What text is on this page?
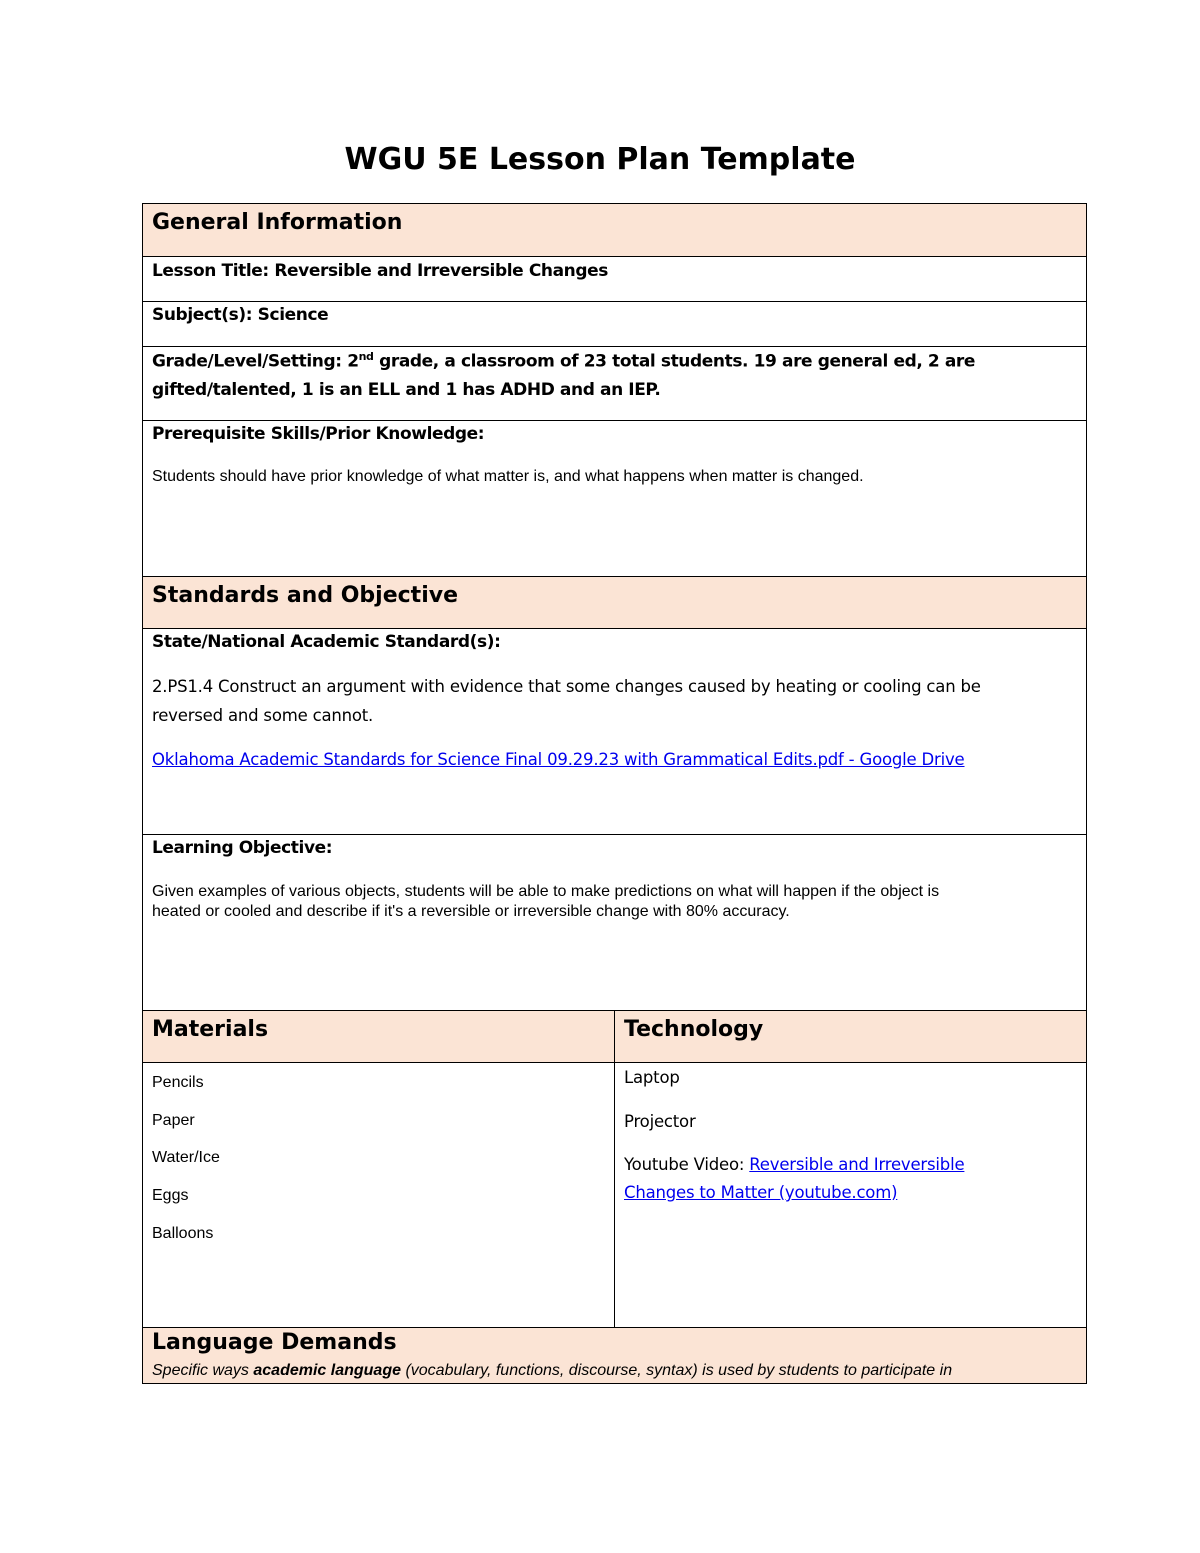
WGU 5E Lesson Plan Template
General Information
Lesson Title: Reversible and Irreversible Changes
Subject(s): Science
Grade/Level/Setting: 2nd grade, a classroom of 23 total students. 19 are general ed, 2 are
gifted/talented, 1 is an ELL and 1 has ADHD and an IEP.
Prerequisite Skills/Prior Knowledge:
Students should have prior knowledge of what matter is, and what happens when matter is changed.
Standards and Objective
State/National Academic Standard(s):
2.PS1.4 Construct an argument with evidence that some changes caused by heating or cooling can be
reversed and some cannot.
Oklahoma Academic Standards for Science Final 09.29.23 with Grammatical Edits.pdf - Google Drive
Learning Objective:
Given examples of various objects, students will be able to make predictions on what will happen if the object is
heated or cooled and describe if it's a reversible or irreversible change with 80% accuracy.
Materials	Technology
Pencils
Paper
Water/Ice
Eggs
Balloons
Laptop
Projector
Youtube Video: Reversible and Irreversible
Changes to Matter (youtube.com)
Language Demands
Specific ways academic language (vocabulary, functions, discourse, syntax) is used by students to participate in
